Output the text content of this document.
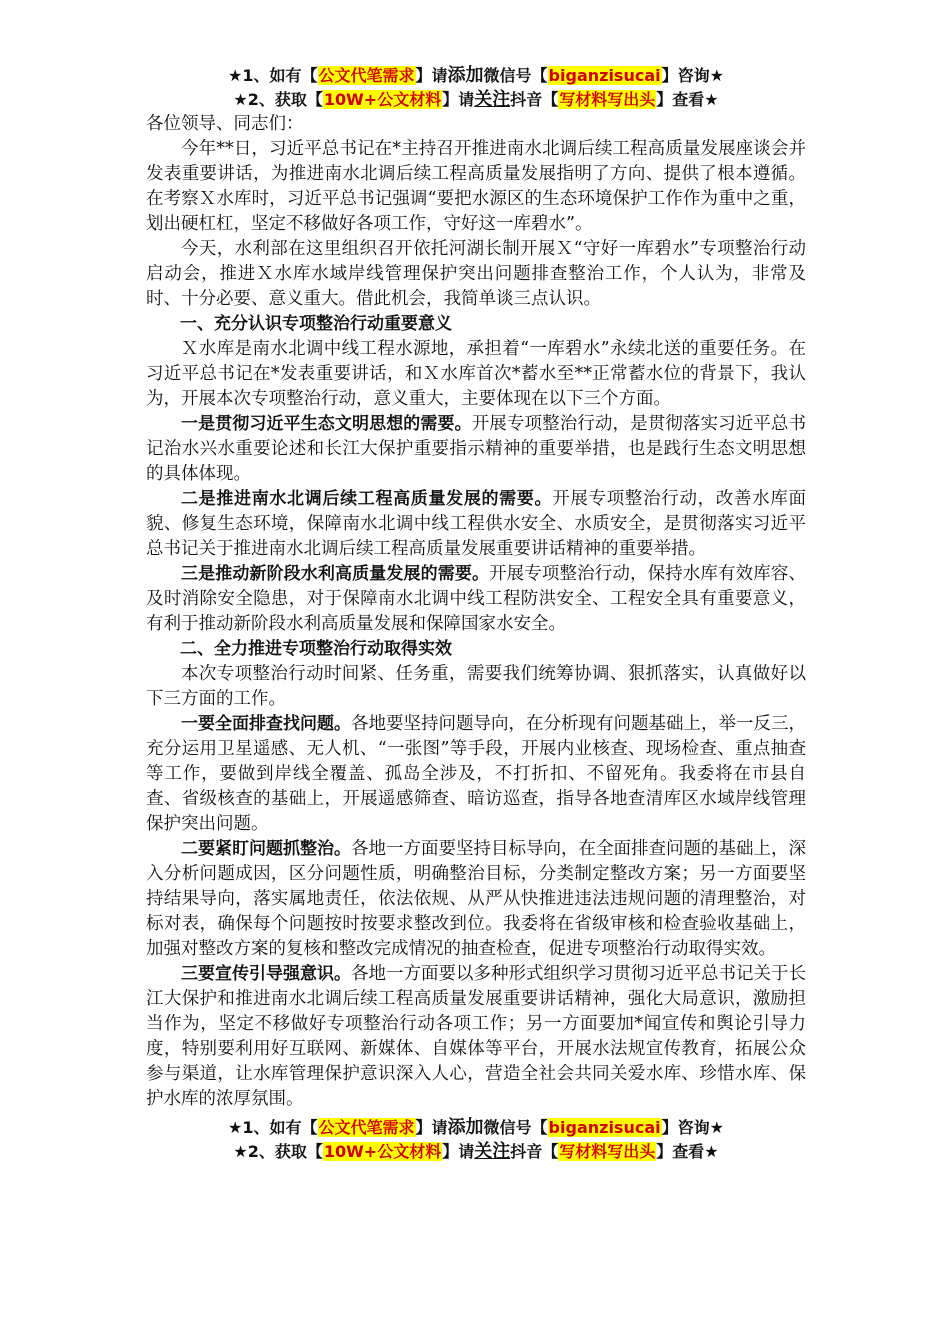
★1、如有【公文代笔需求】请添加微信号【biganzisucai】咨询★
★2、获取【10W+公文材料】请关注抖音【写材料写出头】查看★

各位领导、同志们：

今年**日，习近平总书记在*主持召开推进南水北调后续工程高质量发展座谈会并发表重要讲话，为推进南水北调后续工程高质量发展指明了方向、提供了根本遵循。在考察Ｘ水库时，习近平总书记强调“要把水源区的生态环境保护工作作为重中之重，划出硬杠杠，坚定不移做好各项工作，守好这一库碧水”。

今天，水利部在这里组织召开依托河湖长制开展Ｘ“守好一库碧水”专项整治行动启动会，推进Ｘ水库水域岸线管理保护突出问题排查整治工作，个人认为，非常及时、十分必要、意义重大。借此机会，我简单谈三点认识。

一、充分认识专项整治行动重要意义

Ｘ水库是南水北调中线工程水源地，承担着“一库碧水”永续北送的重要任务。在习近平总书记在*发表重要讲话，和Ｘ水库首次*蓄水至**正常蓄水位的背景下，我认为，开展本次专项整治行动，意义重大，主要体现在以下三个方面。

一是贯彻习近平生态文明思想的需要。开展专项整治行动，是贯彻落实习近平总书记治水兴水重要论述和长江大保护重要指示精神的重要举措，也是践行生态文明思想的具体体现。

二是推进南水北调后续工程高质量发展的需要。开展专项整治行动，改善水库面貌、修复生态环境，保障南水北调中线工程供水安全、水质安全，是贯彻落实习近平总书记关于推进南水北调后续工程高质量发展重要讲话精神的重要举措。

三是推动新阶段水利高质量发展的需要。开展专项整治行动，保持水库有效库容、及时消除安全隐患，对于保障南水北调中线工程防洪安全、工程安全具有重要意义，有利于推动新阶段水利高质量发展和保障国家水安全。

二、全力推进专项整治行动取得实效

本次专项整治行动时间紧、任务重，需要我们统筹协调、狠抓落实，认真做好以下三方面的工作。

一要全面排查找问题。各地要坚持问题导向，在分析现有问题基础上，举一反三，充分运用卫星遥感、无人机、“一张图”等手段，开展内业核查、现场检查、重点抽查等工作，要做到岸线全覆盖、孤岛全涉及，不打折扣、不留死角。我委将在市县自查、省级核查的基础上，开展遥感筛查、暗访巡查，指导各地查清库区水域岸线管理保护突出问题。

二要紧盯问题抓整治。各地一方面要坚持目标导向，在全面排查问题的基础上，深入分析问题成因，区分问题性质，明确整治目标，分类制定整改方案；另一方面要坚持结果导向，落实属地责任，依法依规、从严从快推进违法违规问题的清理整治，对标对表，确保每个问题按时按要求整改到位。我委将在省级审核和检查验收基础上，加强对整改方案的复核和整改完成情况的抽查检查，促进专项整治行动取得实效。

三要宣传引导强意识。各地一方面要以多种形式组织学习贯彻习近平总书记关于长江大保护和推进南水北调后续工程高质量发展重要讲话精神，强化大局意识，激励担当作为，坚定不移做好专项整治行动各项工作；另一方面要加*闻宣传和舆论引导力度，特别要利用好互联网、新媒体、自媒体等平台，开展水法规宣传教育，拓展公众参与渠道，让水库管理保护意识深入人心，营造全社会共同关爱水库、珍惜水库、保护水库的浓厚氛围。

★1、如有【公文代笔需求】请添加微信号【biganzisucai】咨询★
★2、获取【10W+公文材料】请关注抖音【写材料写出头】查看★
